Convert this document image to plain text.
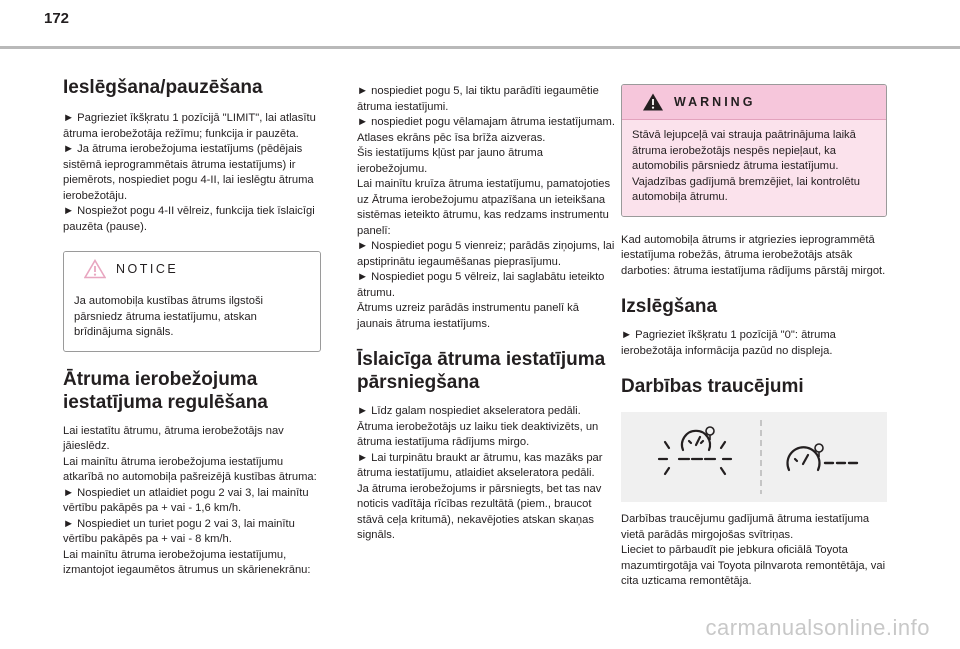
172
Ieslēgšana/pauzēšana

► Pagrieziet īkšķratu 1 pozīcijā "LIMIT", lai atlasītu ātruma ierobežotāja režīmu; funkcija ir pauzēta.
► Ja ātruma ierobežojuma iestatījums (pēdējais sistēmā ieprogrammētais ātruma iestatījums) ir piemērots, nospiediet pogu 4-II, lai ieslēgtu ātruma ierobežotāju.
► Nospiežot pogu 4-II vēlreiz, funkcija tiek īslaicīgi pauzēta (pause).

NOTICE
Ja automobiļa kustības ātrums ilgstoši pārsniedz ātruma iestatījumu, atskan brīdinājuma signāls.
Ātruma ierobežojuma iestatījuma regulēšana

Lai iestatītu ātrumu, ātruma ierobežotājs nav jāieslēdz.
Lai mainītu ātruma ierobežojuma iestatījumu atkarībā no automobiļa pašreizējā kustības ātruma:
► Nospiediet un atlaidiet pogu 2 vai 3, lai mainītu vērtību pakāpēs pa + vai - 1,6 km/h.
► Nospiediet un turiet pogu 2 vai 3, lai mainītu vērtību pakāpēs pa + vai - 8 km/h.
Lai mainītu ātruma ierobežojuma iestatījumu, izmantojot iegaumētos ātrumus un skārienekrānu:

► nospiediet pogu 5, lai tiktu parādīti iegaumētie ātruma iestatījumi.
► nospiediet pogu vēlamajam ātruma iestatījumam.
Atlases ekrāns pēc īsa brīža aizveras.
Šis iestatījums kļūst par jauno ātruma ierobežojumu.
Lai mainītu kruīza ātruma iestatījumu, pamatojoties uz Ātruma ierobežojumu atpazīšana un ieteikšana sistēmas ieteikto ātrumu, kas redzams instrumentu panelī:
► Nospiediet pogu 5 vienreiz; parādās ziņojums, lai apstiprinātu iegaumēšanas pieprasījumu.
► Nospiediet pogu 5 vēlreiz, lai saglabātu ieteikto ātrumu.
Ātrums uzreiz parādās instrumentu panelī kā jaunais ātruma iestatījums.

Īslaicīga ātruma iestatījuma pārsniegšana

► Līdz galam nospiediet akseleratora pedāli.
Ātruma ierobežotājs uz laiku tiek deaktivizēts, un ātruma iestatījuma rādījums mirgo.
► Lai turpinātu braukt ar ātrumu, kas mazāks par ātruma iestatījumu, atlaidiet akseleratora pedāli.
Ja ātruma ierobežojums ir pārsniegts, bet tas nav noticis vadītāja rīcības rezultātā (piem., braucot stāvā ceļa kritumā), nekavējoties atskan skaņas signāls.

WARNING
Stāvā lejupceļā vai strauja paātrinājuma laikā ātruma ierobežotājs nespēs nepieļaut, ka automobilis pārsniedz ātruma iestatījumu.
Vajadzības gadījumā bremzējiet, lai kontrolētu automobiļa ātrumu.

Kad automobiļa ātrums ir atgriezies ieprogrammētā iestatījuma robežās, ātruma ierobežotājs atsāk darboties: ātruma iestatījuma rādījums pārstāj mirgot.

Izslēgšana

► Pagrieziet īkšķratu 1 pozīcijā "0": ātruma ierobežotāja informācija pazūd no displeja.

Darbības traucējumi

Darbības traucējumu gadījumā ātruma iestatījuma vietā parādās mirgojošas svītriņas.
Lieciet to pārbaudīt pie jebkura oficiālā Toyota mazumtirgotāja vai Toyota pilnvarota remontētāja, vai cita uzticama remontētāja.

carmanualsonline.info
